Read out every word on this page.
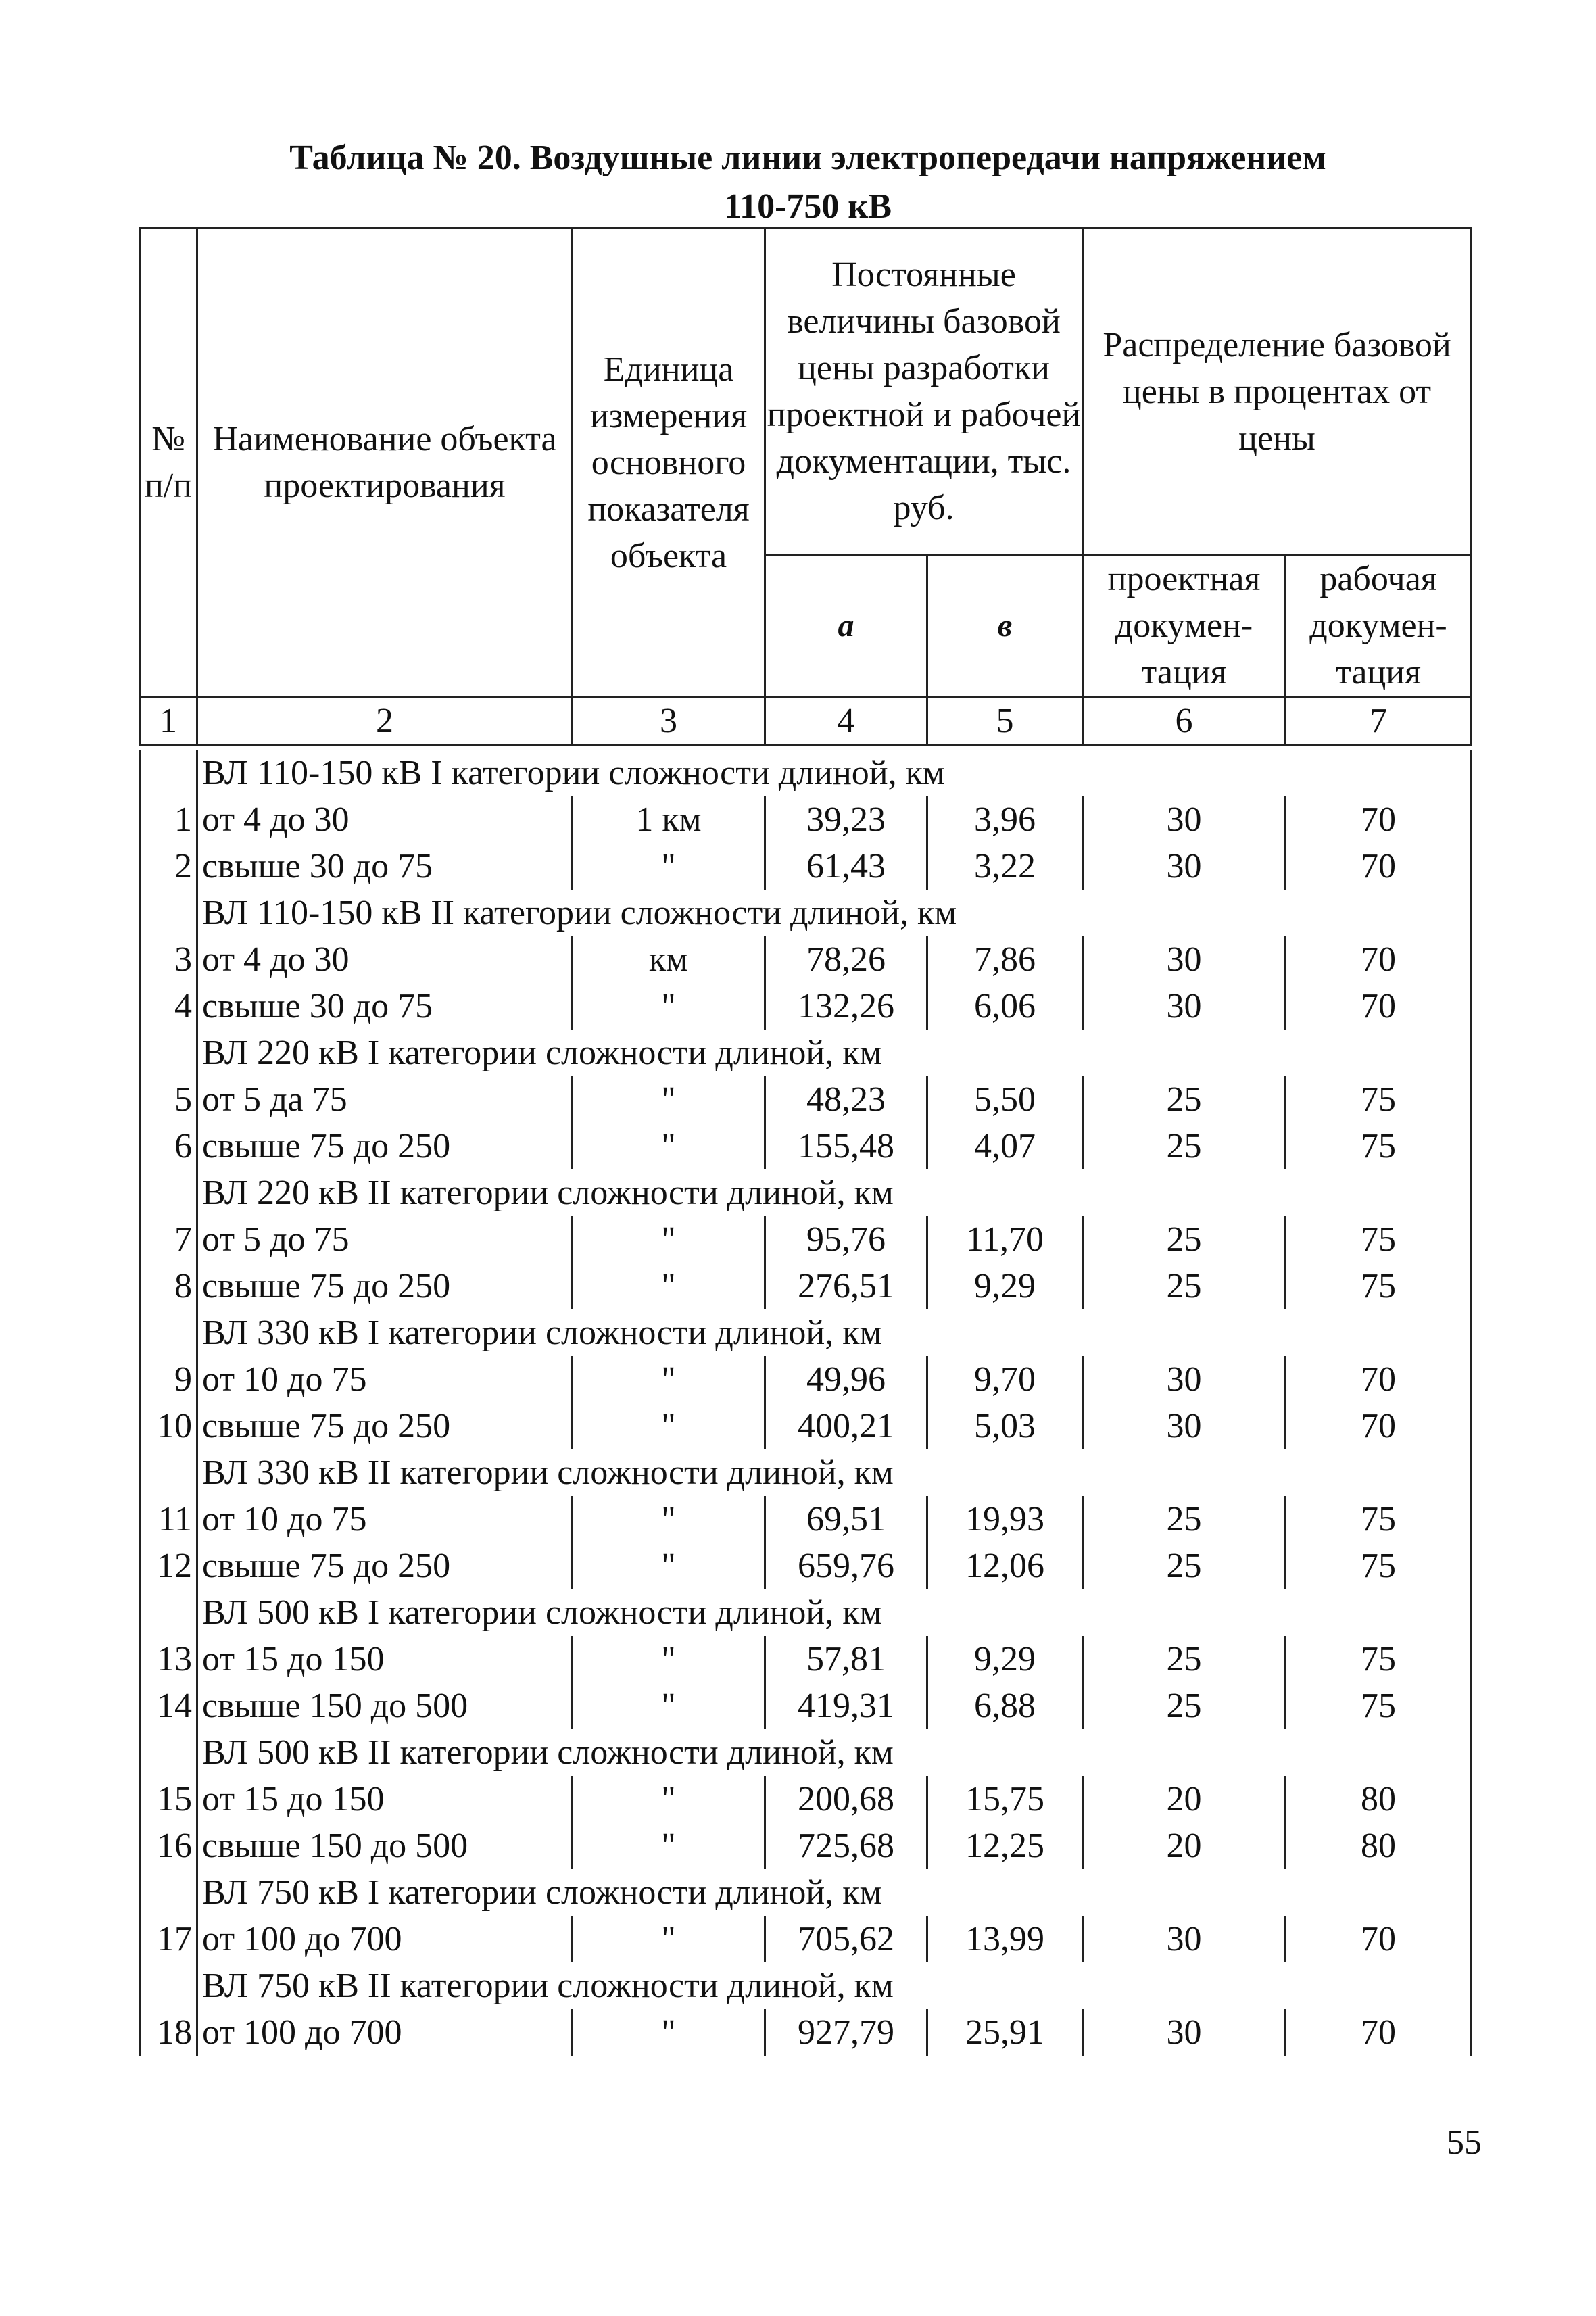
Таблица № 20. Воздушные линии электропередачи напряжением
110-750 кВ
№ п/п	Наименование объекта проектирования	Единица измерения основного показателя объекта	Постоянные величины базовой цены разработки проектной и рабочей документации, тыс. руб.		Распределение базовой цены в процентах от цены	
			а	в	проектная докумен-тация	рабочая докумен-тация
1	2	3	4	5	6	7
	ВЛ 110-150 кВ I категории сложности длиной, км					
1	от 4 до 30	1 км	39,23	3,96	30	70
2	свыше 30 до 75	"	61,43	3,22	30	70
	ВЛ 110-150 кВ II категории сложности длиной, км					
3	от 4 до 30	км	78,26	7,86	30	70
4	свыше 30 до 75	"	132,26	6,06	30	70
	ВЛ 220 кВ I категории сложности длиной, км					
5	от 5 да 75	"	48,23	5,50	25	75
6	свыше 75 до 250	"	155,48	4,07	25	75
	ВЛ 220 кВ II категории сложности длиной, км					
7	от 5 до 75	"	95,76	11,70	25	75
8	свыше 75 до 250	"	276,51	9,29	25	75
	ВЛ 330 кВ I категории сложности длиной, км					
9	от 10 до 75	"	49,96	9,70	30	70
10	свыше 75 до 250	"	400,21	5,03	30	70
	ВЛ 330 кВ II категории сложности длиной, км					
11	от 10 до 75	"	69,51	19,93	25	75
12	свыше 75 до 250	"	659,76	12,06	25	75
	ВЛ 500 кВ I категории сложности длиной, км					
13	от 15 до 150	"	57,81	9,29	25	75
14	свыше 150 до 500	"	419,31	6,88	25	75
	ВЛ 500 кВ II категории сложности длиной, км					
15	от 15 до 150	"	200,68	15,75	20	80
16	свыше 150 до 500	"	725,68	12,25	20	80
	ВЛ 750 кВ I категории сложности длиной, км					
17	от 100 до 700	"	705,62	13,99	30	70
	ВЛ 750 кВ II категории сложности длиной, км					
18	от 100 до 700	"	927,79	25,91	30	70
55
